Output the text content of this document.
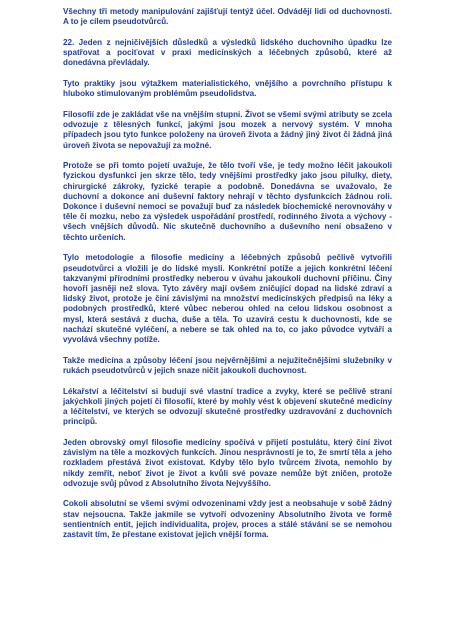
Všechny tři metody manipulování zajišťují tentýž účel. Odvádějí lidi od duchovnosti. A to je cílem pseudotvůrců.

22. Jeden z nejničivějších důsledků a výsledků lidského duchovního úpadku lze spatřovat a pociťovat v praxi medicínských a léčebných způsobů, které až donedávna převládaly.

Tyto praktiky jsou výtažkem materialistického, vnějšího a povrchního přístupu k hluboko stimulovaným problémům pseudolidstva.

Filosofií zde je zakládat vše na vnějším stupni. Život se všemi svými atributy se zcela odvozuje z tělesných funkcí, jakými jsou mozek a nervový systém. V mnoha případech jsou tyto funkce položeny na úroveň života a žádný jiný život či žádná jiná úroveň života se nepovažují za možné.

Protože se při tomto pojetí uvažuje, že tělo tvoří vše, je tedy možno léčit jakoukoli fyzickou dysfunkci jen skrze tělo, tedy vnějšími prostředky jako jsou pilulky, diety, chirurgické zákroky, fyzické terapie a podobně. Donedávna se uvažovalo, že duchovní a dokonce ani duševní faktory nehrají v těchto dysfunkcích žádnou roli. Dokonce i duševní nemoci se považují buď za následek biochemické nerovnováhy v těle či mozku, nebo za výsledek uspořádání prostředí, rodinného života a výchovy - všech vnějších důvodů. Nic skutečně duchovního a duševního není obsaženo v těchto určeních.

Tylo metodologie a filosofie medicíny a léčebných způsobů pečlivě vytvořili pseudotvůrci a vložili je do lidské mysli. Konkrétní potíže a jejich konkrétní léčení takzvanými přírodními prostředky neberou v úvahu jakoukoli duchovní příčinu. Činy hovoří jasněji než slova. Tyto závěry mají ovšem zničující dopad na lidské zdraví a lidský život, protože je činí závislými na množství medicínských předpisů na léky a podobných prostředků, které vůbec neberou ohled na celou lidskou osobnost a mysl, která sestává z ducha, duše a těla. To uzavírá cestu k duchovnosti, kde se nachází skutečné vyléčení, a nebere se tak ohled na to, co jako původce vytváří a vyvolává všechny potíže.

Takže medicína a způsoby léčení jsou nejvěrnějšími a nejužitečnějšími služebníky v rukách pseudotvůrců v jejich snaze ničit jakoukoli duchovnost.

Lékařství a léčitelství si budují své vlastní tradice a zvyky, které se pečlivě straní jakýchkoli jiných pojetí či filosofií, které by mohly vést k objevení skutečné medicíny a léčitelství, ve kterých se odvozují skutečné prostředky uzdravování z duchovních principů.

Jeden obrovský omyl filosofie medicíny spočívá v přijetí postulátu, který činí život závislým na těle a mozkových funkcích. Jinou nesprávností je to, že smrtí těla a jeho rozkladem přestává život existovat. Kdyby tělo bylo tvůrcem života, nemohlo by nikdy zemřít, neboť život je život a kvůli své povaze nemůže být zničen, protože odvozuje svůj původ z Absolutního života Nejvyššího.

Cokoli absolutní se všemi svými odvozeninami vždy jest a neobsahuje v sobě žádný stav nejsoucna. Takže jakmile se vytvoří odvozeniny Absolutního života ve formě sentientních entit, jejich individualita, projev, proces a stálé stávání se se nemohou zastavit tím, že přestane existovat jejich vnější forma.
